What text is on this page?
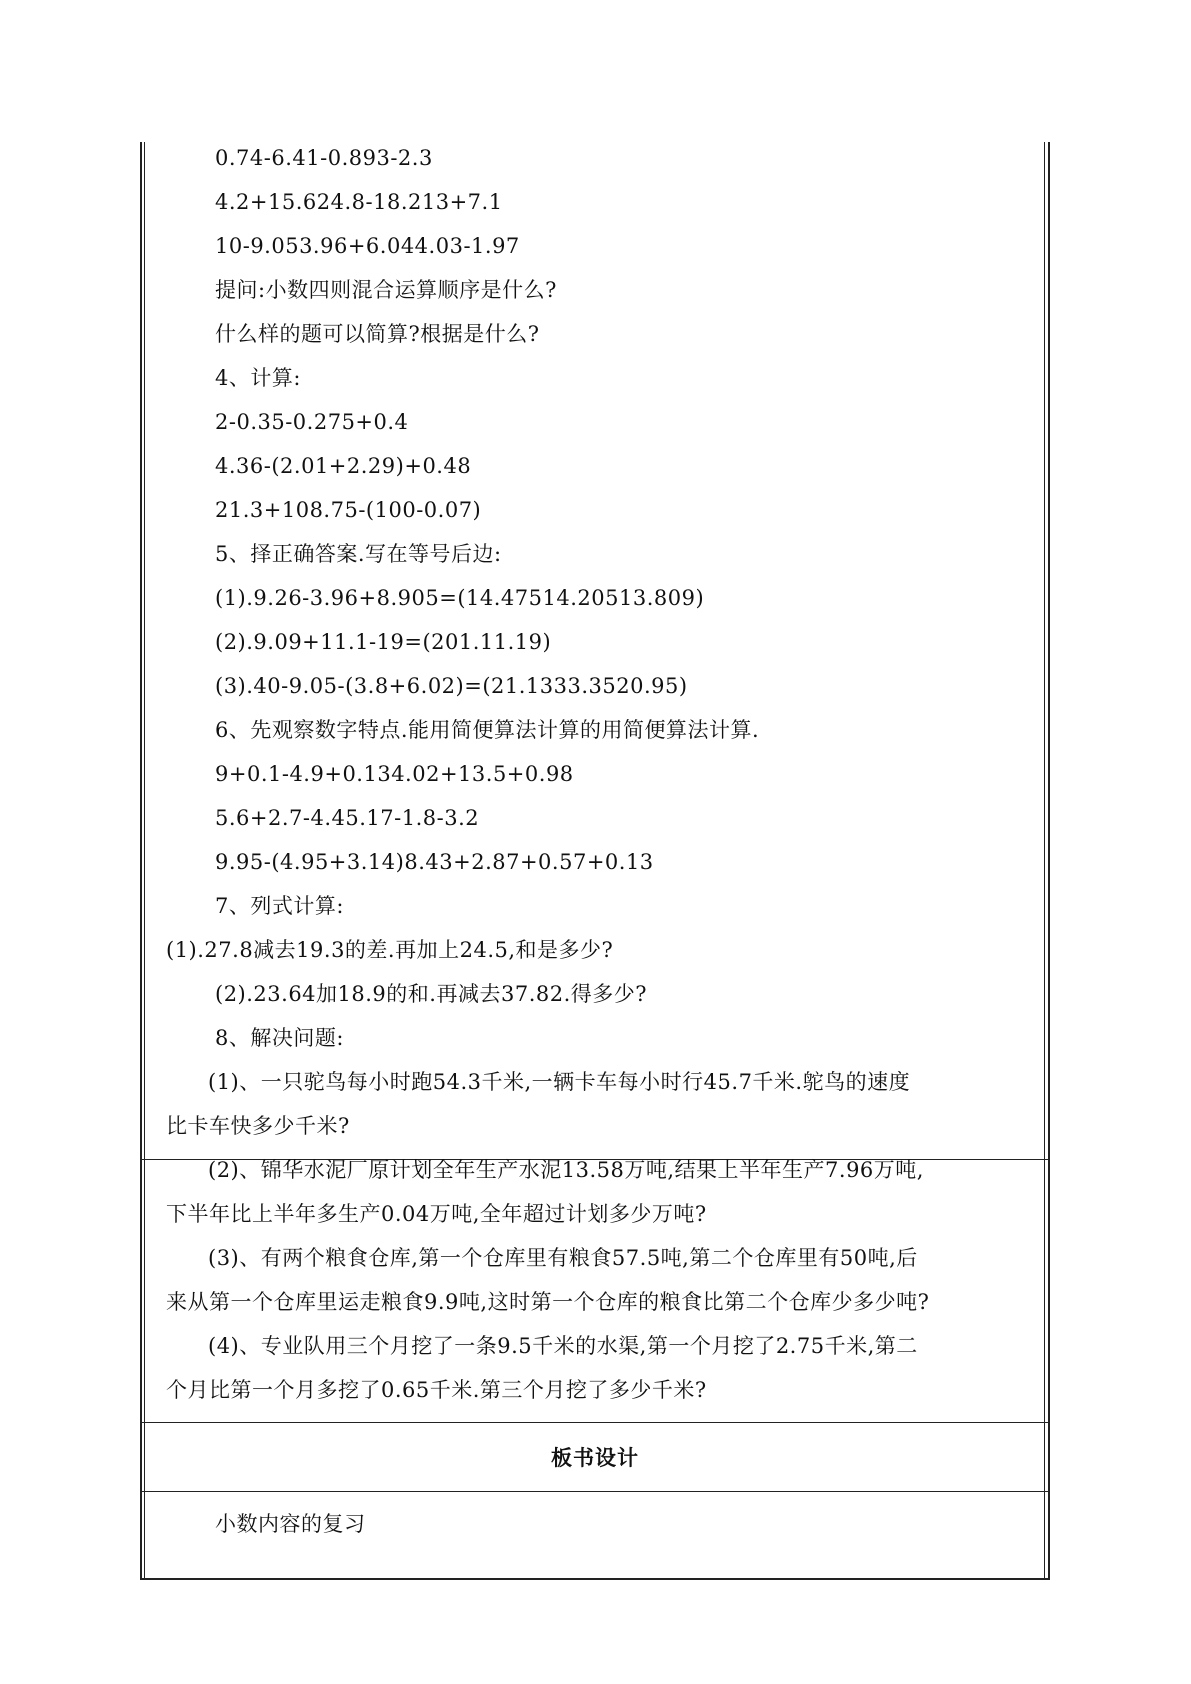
0.74-6.41-0.893-2.3
4.2+15.624.8-18.213+7.1
10-9.053.96+6.044.03-1.97
提问:小数四则混合运算顺序是什么?
什么样的题可以简算?根据是什么?
4、计算:
2-0.35-0.275+0.4
4.36-(2.01+2.29)+0.48
21.3+108.75-(100-0.07)
5、择正确答案.写在等号后边:
(1).9.26-3.96+8.905=(14.47514.20513.809)
(2).9.09+11.1-19=(201.11.19)
(3).40-9.05-(3.8+6.02)=(21.1333.3520.95)
6、先观察数字特点.能用简便算法计算的用简便算法计算.
9+0.1-4.9+0.134.02+13.5+0.98
5.6+2.7-4.45.17-1.8-3.2
9.95-(4.95+3.14)8.43+2.87+0.57+0.13
7、列式计算:
(1).27.8减去19.3的差.再加上24.5,和是多少?
(2).23.64加18.9的和.再减去37.82.得多少?
8、解决问题:
(1)、一只驼鸟每小时跑54.3千米,一辆卡车每小时行45.7千米.鸵鸟的速度
比卡车快多少千米?
(2)、锦华水泥厂原计划全年生产水泥13.58万吨,结果上半年生产7.96万吨,
下半年比上半年多生产0.04万吨,全年超过计划多少万吨?
(3)、有两个粮食仓库,第一个仓库里有粮食57.5吨,第二个仓库里有50吨,后
来从第一个仓库里运走粮食9.9吨,这时第一个仓库的粮食比第二个仓库少多少吨?
(4)、专业队用三个月挖了一条9.5千米的水渠,第一个月挖了2.75千米,第二
个月比第一个月多挖了0.65千米.第三个月挖了多少千米?
板书设计
小数内容的复习
